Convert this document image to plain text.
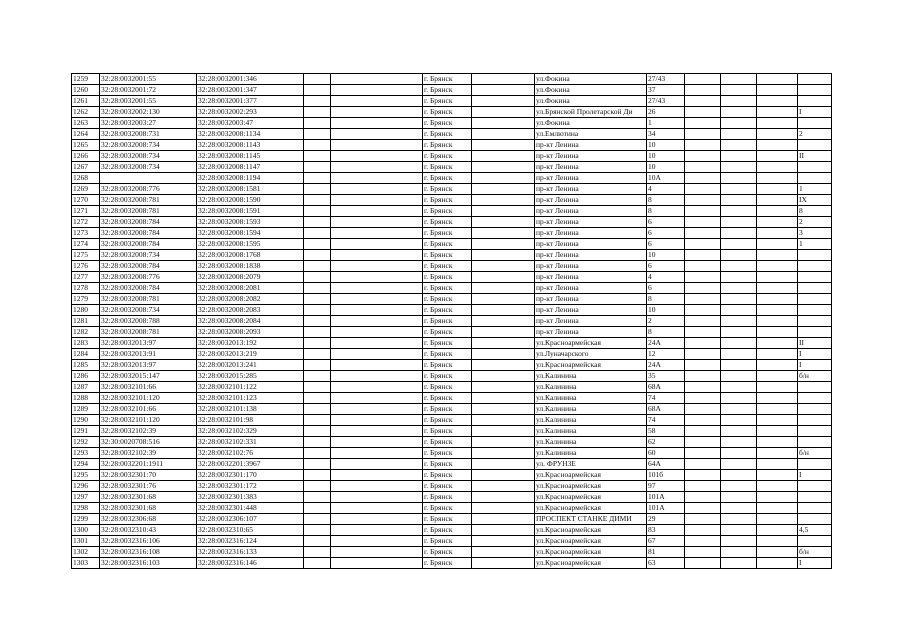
1259	32:28:0032001:55	32:28:0032001:346			г. Брянск		ул.Фокина	27/43				
1260	32:28:0032001:72	32:28:0032001:347			г. Брянск		ул.Фокина	37				
1261	32:28:0032001:55	32:28:0032001:377			г. Брянск		ул.Фокина	27/43				
1262	32:28:0032002:130	32:28:0032002:293			г. Брянск		ул.Брянской Пролетарской Ди	26				I
1263	32:28:0032003:27	32:28:0032003:47			г. Брянск		ул.Фокина	1				
1264	32:28:0032008:731	32:28:0032008:1134			г. Брянск		ул.Емлютина	34				2
1265	32:28:0032008:734	32:28:0032008:1143			г. Брянск		пр-кт Ленина	10				
1266	32:28:0032008:734	32:28:0032008:1145			г. Брянск		пр-кт Ленина	10				II
1267	32:28:0032008:734	32:28:0032008:1147			г. Брянск		пр-кт Ленина	10				
1268		32:28:0032008:1194			г. Брянск		пр-кт Ленина	10А				
1269	32:28:0032008:776	32:28:0032008:1581			г. Брянск		пр-кт Ленина	4				1
1270	32:28:0032008:781	32:28:0032008:1590			г. Брянск		пр-кт Ленина	8				IX
1271	32:28:0032008:781	32:28:0032008:1591			г. Брянск		пр-кт Ленина	8				8
1272	32:28:0032008:784	32:28:0032008:1593			г. Брянск		пр-кт Ленина	6				2
1273	32:28:0032008:784	32:28:0032008:1594			г. Брянск		пр-кт Ленина	6				3
1274	32:28:0032008:784	32:28:0032008:1595			г. Брянск		пр-кт Ленина	6				1
1275	32:28:0032008:734	32:28:0032008:1768			г. Брянск		пр-кт Ленина	10				
1276	32:28:0032008:784	32:28:0032008:1838			г. Брянск		пр-кт Ленина	6				
1277	32:28:0032008:776	32:28:0032008:2079			г. Брянск		пр-кт Ленина	4				
1278	32:28:0032008:784	32:28:0032008:2081			г. Брянск		пр-кт Ленина	6				
1279	32:28:0032008:781	32:28:0032008:2082			г. Брянск		пр-кт Ленина	8				
1280	32:28:0032008:734	32:28:0032008:2083			г. Брянск		пр-кт Ленина	10				
1281	32:28:0032008:788	32:28:0032008:2084			г. Брянск		пр-кт Ленина	2				
1282	32:28:0032008:781	32:28:0032008:2093			г. Брянск		пр-кт Ленина	8				
1283	32:28:0032013:97	32:28:0032013:192			г. Брянск		ул.Красноармейская	24А				II
1284	32:28:0032013:91	32:28:0032013:219			г. Брянск		ул.Луначарского	12				I
1285	32:28:0032013:97	32:28:0032013:241			г. Брянск		ул.Красноармейская	24А				I
1286	32:28:0032015:147	32:28:0032015:285			г. Брянск		ул.Калинина	35				б/н
1287	32:28:0032101:66	32:28:0032101:122			г. Брянск		ул.Калинина	68А				
1288	32:28:0032101:120	32:28:0032101:123			г. Брянск		ул.Калинина	74				
1289	32:28:0032101:66	32:28:0032101:138			г. Брянск		ул.Калинина	68А				
1290	32:28:0032101:120	32:28:0032101:98			г. Брянск		ул.Калинина	74				
1291	32:28:0032102:39	32:28:0032102:329			г. Брянск		ул.Калинина	58				
1292	32:30:0020708:516	32:28:0032102:331			г. Брянск		ул.Калинина	62				
1293	32:28:0032102:39	32:28:0032102:76			г. Брянск		ул.Калинина	60				б/н
1294	32:28:0032201:1911	32:28:0032201:3967			г. Брянск		ул. ФРУНЗЕ	64А				
1295	32:28:0032301:70	32:28:0032301:170			г. Брянск		ул.Красноармейская	101б				I
1296	32:28:0032301:76	32:28:0032301:172			г. Брянск		ул.Красноармейская	97				
1297	32:28:0032301:68	32:28:0032301:383			г. Брянск		ул.Красноармейская	101А				
1298	32:28:0032301:68	32:28:0032301:448			г. Брянск		ул.Красноармейская	101А				
1299	32:28:0032306:68	32:28:0032306:107			г. Брянск		ПРОСПЕКТ СТАНКЕ ДИМИ	29				
1300	32:28:0032310:43	32:28:0032310:65			г. Брянск		ул.Красноармейская	83				4,5
1301	32:28:0032316:106	32:28:0032316:124			г. Брянск		ул.Красноармейская	67				
1302	32:28:0032316:108	32:28:0032316:133			г. Брянск		ул.Красноармейская	81				б/н
1303	32:28:0032316:103	32:28:0032316:146			г. Брянск		ул.Красноармейская	63				I
